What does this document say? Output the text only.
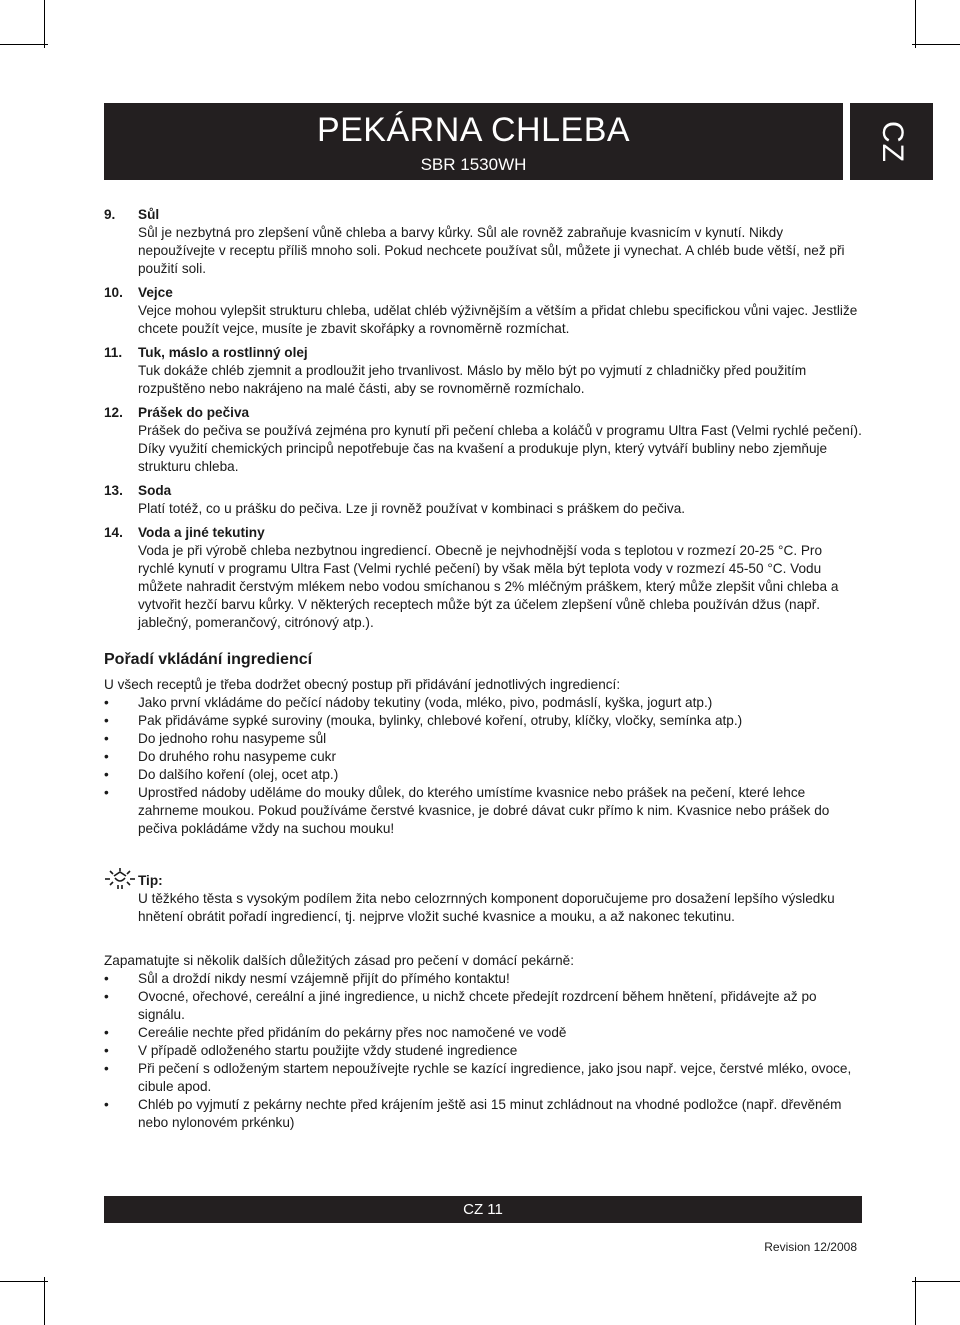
PEKÁRNA CHLEBA
SBR 1530WH
CZ
9.	Sůl
Sůl je nezbytná pro zlepšení vůně chleba a barvy kůrky. Sůl ale rovněž zabraňuje kvasnicím v kynutí. Nikdy nepoužívejte v receptu příliš mnoho soli. Pokud nechcete používat sůl, můžete ji vynechat. A chléb bude větší, než při použití soli.
10.	Vejce
Vejce mohou vylepšit strukturu chleba, udělat chléb výživnějším a větším a přidat chlebu specifickou vůni vajec. Jestliže chcete použít vejce, musíte je zbavit skořápky a rovnoměrně rozmíchat.
11.	Tuk, máslo a rostlinný olej
Tuk dokáže chléb zjemnit a prodloužit jeho trvanlivost. Máslo by mělo být po vyjmutí z chladničky před použitím rozpuštěno nebo nakrájeno na malé části, aby se rovnoměrně rozmíchalo.
12.	Prášek do pečiva
Prášek do pečiva se používá zejména pro kynutí při pečení chleba a koláčů v programu Ultra Fast (Velmi rychlé pečení). Díky využití chemických principů nepotřebuje čas na kvašení a produkuje plyn, který vytváří bubliny nebo zjemňuje strukturu chleba.
13.	Soda
Platí totéž, co u prášku do pečiva. Lze ji rovněž používat v kombinaci s práškem do pečiva.
14.	Voda a jiné tekutiny
Voda je při výrobě chleba nezbytnou ingrediencí. Obecně je nejvhodnější voda s teplotou v rozmezí 20-25 °C. Pro rychlé kynutí v programu Ultra Fast (Velmi rychlé pečení) by však měla být teplota vody v rozmezí 45-50 °C. Vodu můžete nahradit čerstvým mlékem nebo vodou smíchanou s 2% mléčným práškem, který může zlepšit vůni chleba a vytvořit hezčí barvu kůrky. V některých receptech může být za účelem zlepšení vůně chleba používán džus (např. jablečný, pomerančový, citrónový atp.).
Pořadí vkládání ingrediencí

U všech receptů je třeba dodržet obecný postup při přidávání jednotlivých ingrediencí:

• Jako první vkládáme do pečící nádoby tekutiny (voda, mléko, pivo, podmáslí, kyška, jogurt atp.)
• Pak přidáváme sypké suroviny (mouka, bylinky, chlebové koření, otruby, klíčky, vločky, semínka atp.)
• Do jednoho rohu nasypeme sůl
• Do druhého rohu nasypeme cukr
• Do dalšího koření (olej, ocet atp.)
• Uprostřed nádoby uděláme do mouky důlek, do kterého umístíme kvasnice nebo prášek na pečení, které lehce zahrneme moukou. Pokud používáme čerstvé kvasnice, je dobré dávat cukr přímo k nim. Kvasnice nebo prášek do pečiva pokládáme vždy na suchou mouku!
Tip:
U těžkého těsta s vysokým podílem žita nebo celozrnných komponent doporučujeme pro dosažení lepšího výsledku hnětení obrátit pořadí ingrediencí, tj. nejprve vložit suché kvasnice a mouku, a až nakonec tekutinu.

Zapamatujte si několik dalších důležitých zásad pro pečení v domácí pekárně:

• Sůl a droždí nikdy nesmí vzájemně přijít do přímého kontaktu!
• Ovocné, ořechové, cereální a jiné ingredience, u nichž chcete předejít rozdrcení během hnětení, přidávejte až po signálu.
• Cereálie nechte před přidáním do pekárny přes noc namočené ve vodě
• V případě odloženého startu použijte vždy studené ingredience
• Při pečení s odloženým startem nepoužívejte rychle se kazící ingredience, jako jsou např. vejce, čerstvé mléko, ovoce, cibule apod.
• Chléb po vyjmutí z pekárny nechte před krájením ještě asi 15 minut zchládnout na vhodné podložce (např. dřevěném nebo nylonovém prkénku)
CZ 11
Revision 12/2008
